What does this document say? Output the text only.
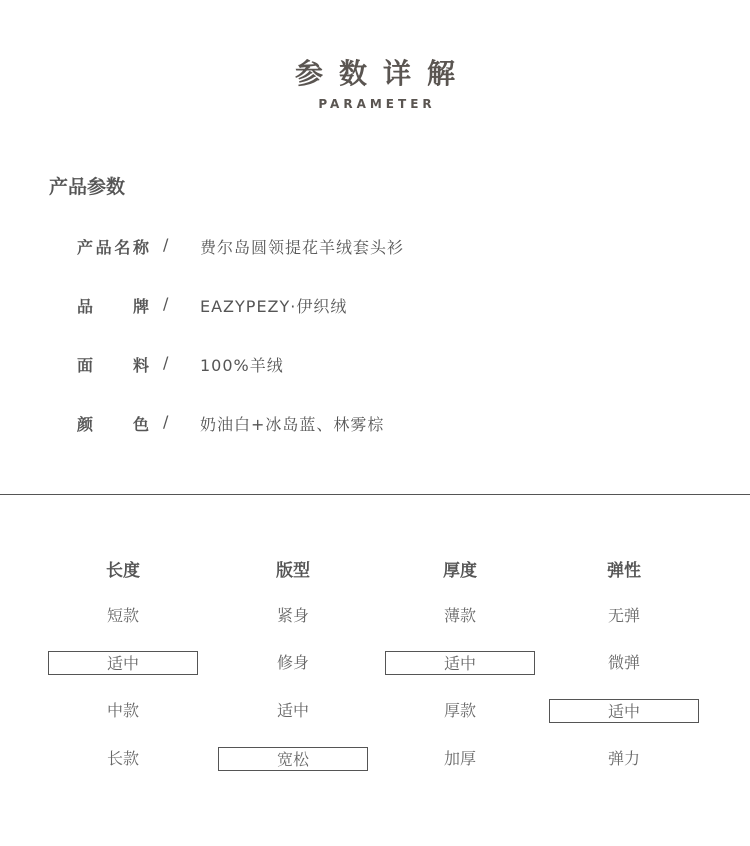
参数详解
PARAMETER
产品参数
产品名称 / 费尔岛圆领提花羊绒套头衫
品牌 / EAZYPEZY·伊织绒
面料 / 100%羊绒
颜色 / 奶油白+冰岛蓝、林雾棕
长度
短款
适中
中款
长款
版型
紧身
修身
适中
宽松
厚度
薄款
适中
厚款
加厚
弹性
无弹
微弹
适中
弹力
